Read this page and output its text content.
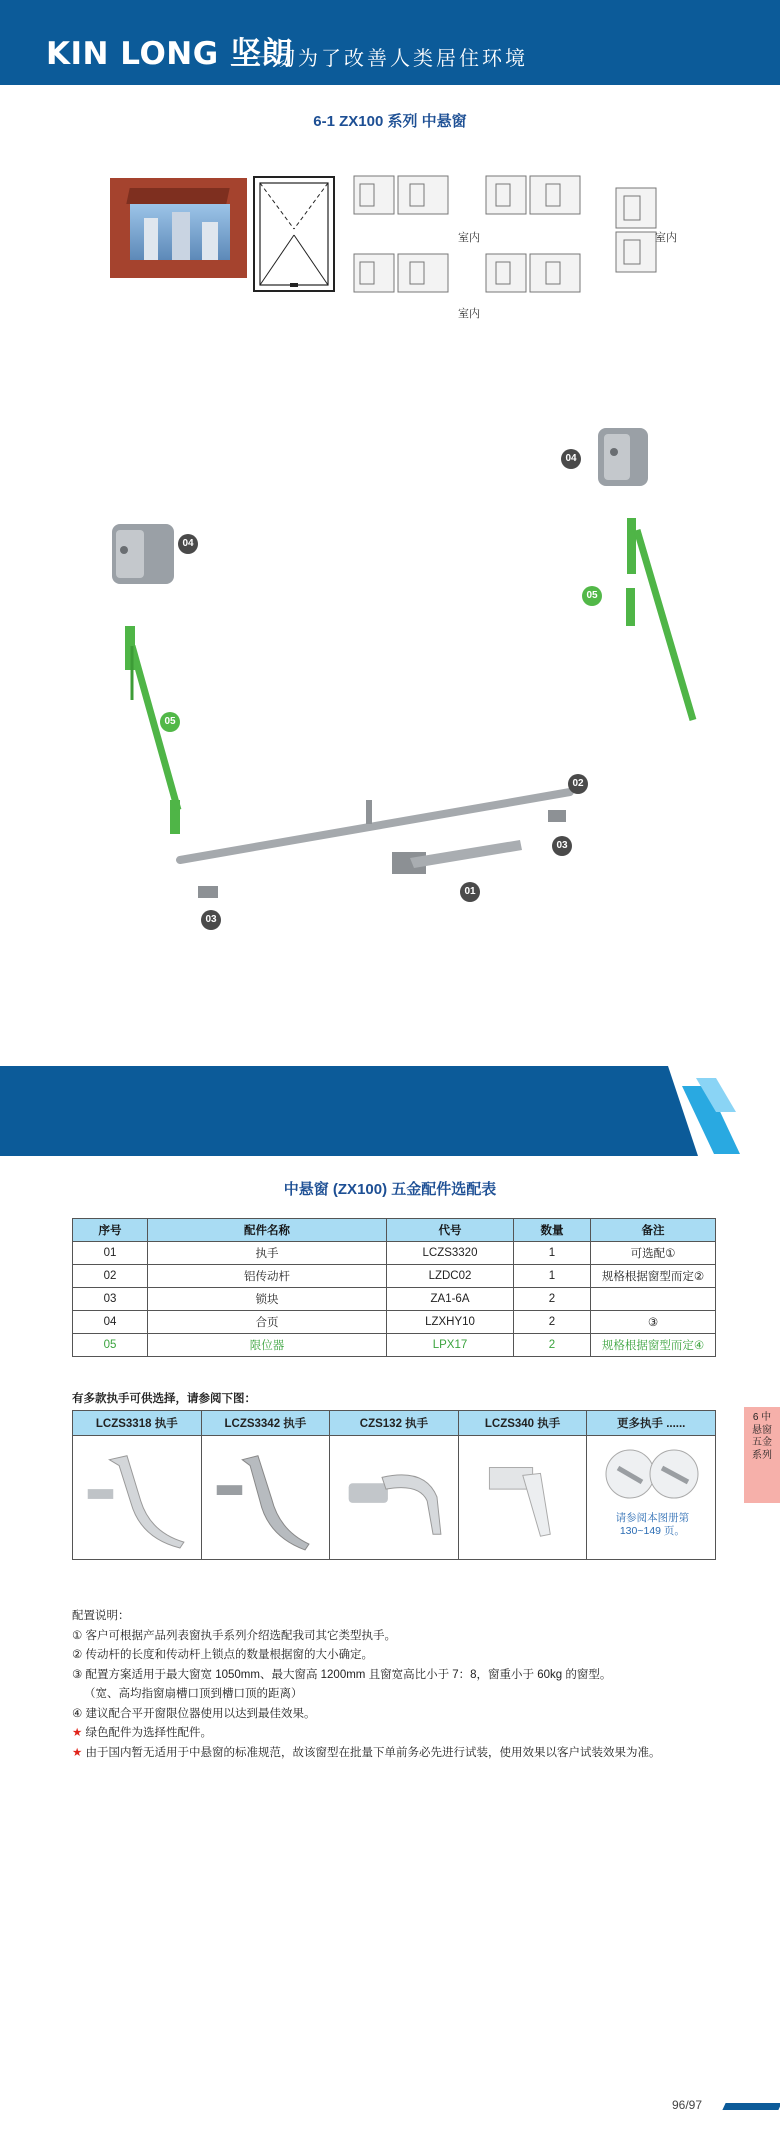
KIN LONG 坚朗
一切为了改善人类居住环境
6-1 ZX100 系列 中悬窗
室内
室内
室内
04
04
05
05
02
03
01
03
中悬窗 (ZX100) 五金配件选配表
序号	配件名称	代号	数量	备注
01	执手	LCZS3320	1	可选配①
02	铝传动杆	LZDC02	1	规格根据窗型而定②
03	锁块	ZA1-6A	2	
04	合页	LZXHY10	2	③
05	限位器	LPX17	2	规格根据窗型而定④
有多款执手可供选择，请参阅下图：
LCZS3318 执手	LCZS3342 执手	CZS132 执手	LCZS340 执手	更多执手 ......

请参阅本图册第 130~149 页。
6 中悬窗五金系列
配置说明：
① 客户可根据产品列表窗执手系列介绍选配我司其它类型执手。
② 传动杆的长度和传动杆上锁点的数量根据窗的大小确定。
③ 配置方案适用于最大窗宽 1050mm、最大窗高 1200mm 且窗宽高比小于 7：8，窗重小于 60kg 的窗型。
（宽、高均指窗扇槽口顶到槽口顶的距离）
④ 建议配合平开窗限位器使用以达到最佳效果。
★ 绿色配件为选择性配件。
★ 由于国内暂无适用于中悬窗的标准规范，故该窗型在批量下单前务必先进行试装，使用效果以客户试装效果为准。
96/97
